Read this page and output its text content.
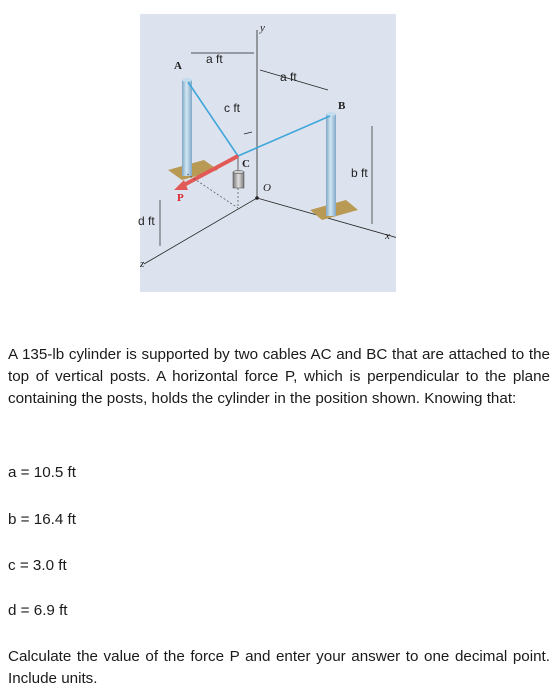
a ft
a ft
c ft
b ft
d ft
A
B
C
O
P
x
y
z

A 135-lb cylinder is supported by two cables AC and BC that are attached to the top of vertical posts. A horizontal force P, which is perpendicular to the plane containing the posts, holds the cylinder in the position shown. Knowing that:

a = 10.5 ft

b = 16.4 ft

c = 3.0 ft

d = 6.9 ft

Calculate the value of the force P and enter your answer to one decimal point. Include units.
